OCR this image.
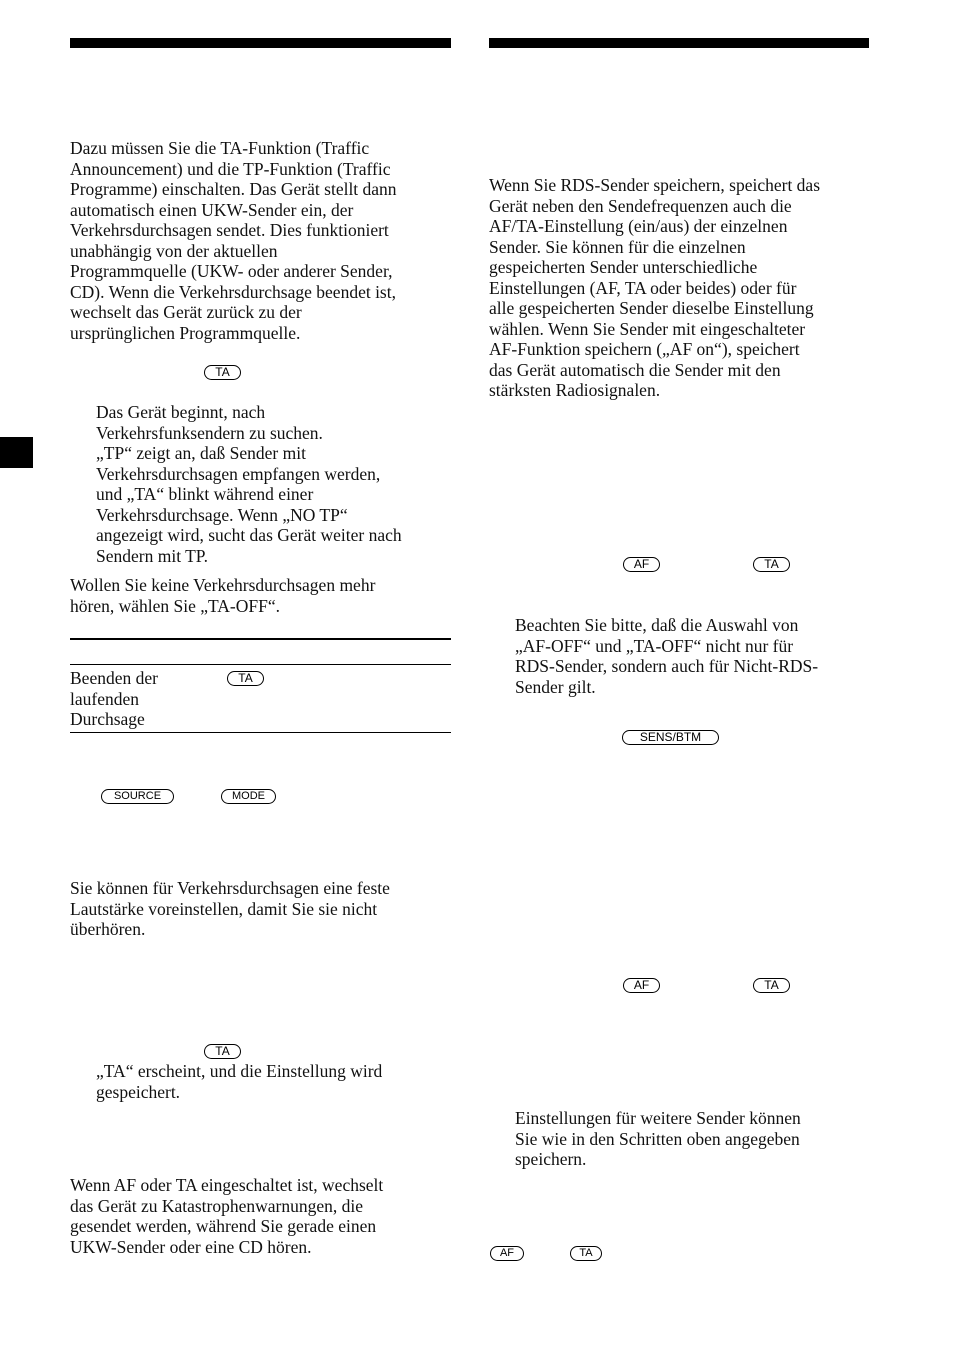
Dazu müssen Sie die TA-Funktion (Traffic
Announcement) und die TP-Funktion (Traffic
Programme) einschalten. Das Gerät stellt dann
automatisch einen UKW-Sender ein, der
Verkehrsdurchsagen sendet. Dies funktioniert
unabhängig von der aktuellen
Programmquelle (UKW- oder anderer Sender,
CD). Wenn die Verkehrsdurchsage beendet ist,
wechselt das Gerät zurück zu der
ursprünglichen Programmquelle.

TA

Das Gerät beginnt, nach
Verkehrsfunksendern zu suchen.
„TP“ zeigt an, daß Sender mit
Verkehrsdurchsagen empfangen werden,
und „TA“ blinkt während einer
Verkehrsdurchsage. Wenn „NO TP“
angezeigt wird, sucht das Gerät weiter nach
Sendern mit TP.

Wollen Sie keine Verkehrsdurchsagen mehr
hören, wählen Sie „TA-OFF“.

Beenden der
laufenden
Durchsage

TA
SOURCE	MODE

Sie können für Verkehrsdurchsagen eine feste
Lautstärke voreinstellen, damit Sie sie nicht
überhören.

TA

„TA“ erscheint, und die Einstellung wird
gespeichert.

Wenn AF oder TA eingeschaltet ist, wechselt
das Gerät zu Katastrophenwarnungen, die
gesendet werden, während Sie gerade einen
UKW-Sender oder eine CD hören.

Wenn Sie RDS-Sender speichern, speichert das
Gerät neben den Sendefrequenzen auch die
AF/TA-Einstellung (ein/aus) der einzelnen
Sender. Sie können für die einzelnen
gespeicherten Sender unterschiedliche
Einstellungen (AF, TA oder beides) oder für
alle gespeicherten Sender dieselbe Einstellung
wählen. Wenn Sie Sender mit eingeschalteter
AF-Funktion speichern („AF on“), speichert
das Gerät automatisch die Sender mit den
stärksten Radiosignalen.

AF	TA

Beachten Sie bitte, daß die Auswahl von
„AF-OFF“ und „TA-OFF“ nicht nur für
RDS-Sender, sondern auch für Nicht-RDS-
Sender gilt.

SENS/BTM
AF	TA

Einstellungen für weitere Sender können
Sie wie in den Schritten oben angegeben
speichern.

AF	TA
